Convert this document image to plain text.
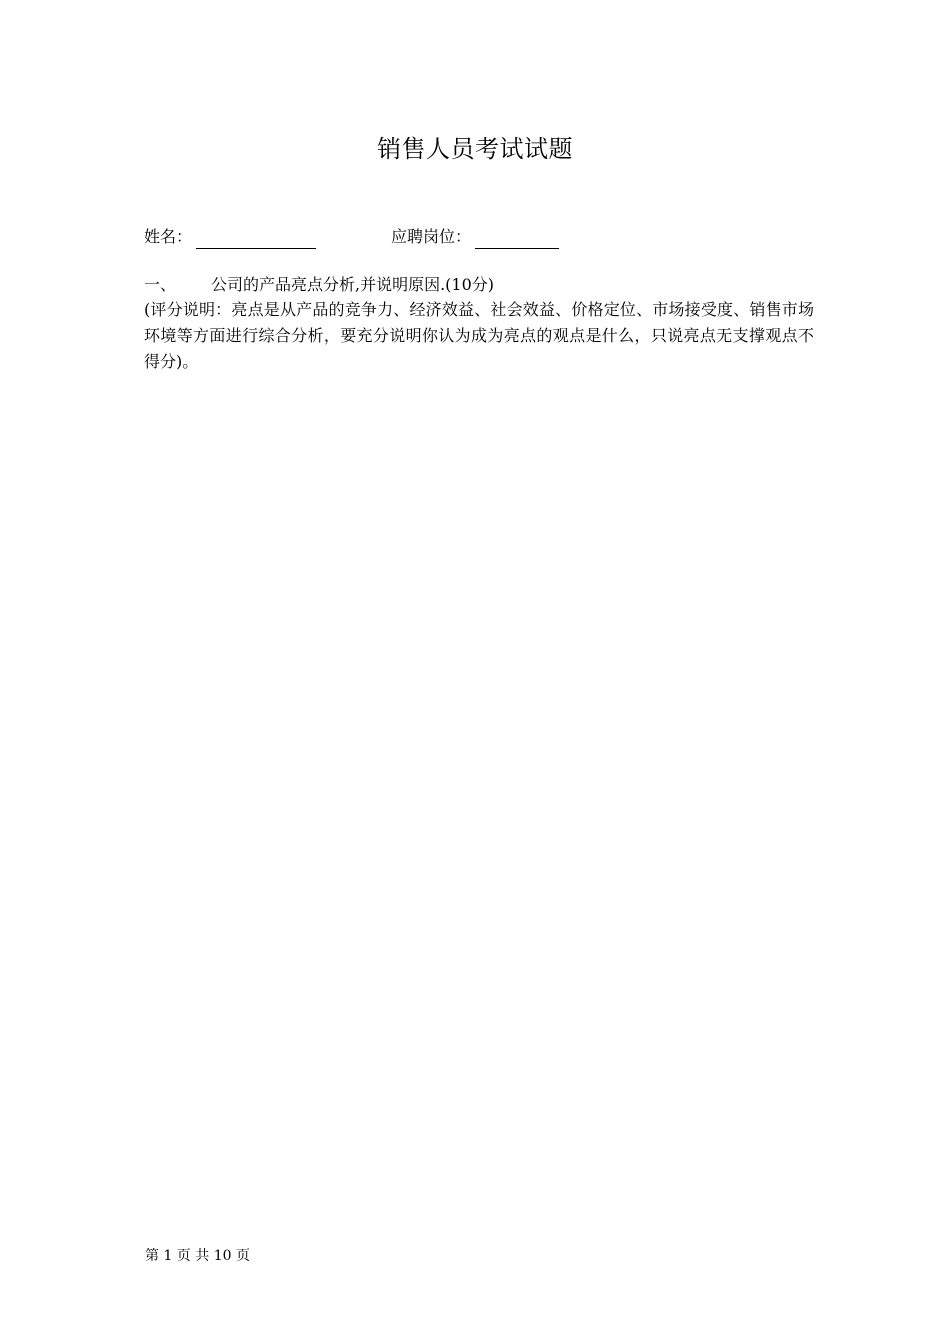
销售人员考试试题
姓名：	应聘岗位：
一、 公司的产品亮点分析,并说明原因.(10分)
(评分说明：亮点是从产品的竞争力、经济效益、社会效益、价格定位、市场接受度、销售市场环境等方面进行综合分析，要充分说明你认为成为亮点的观点是什么，只说亮点无支撑观点不得分)。
第 1 页 共 10 页
